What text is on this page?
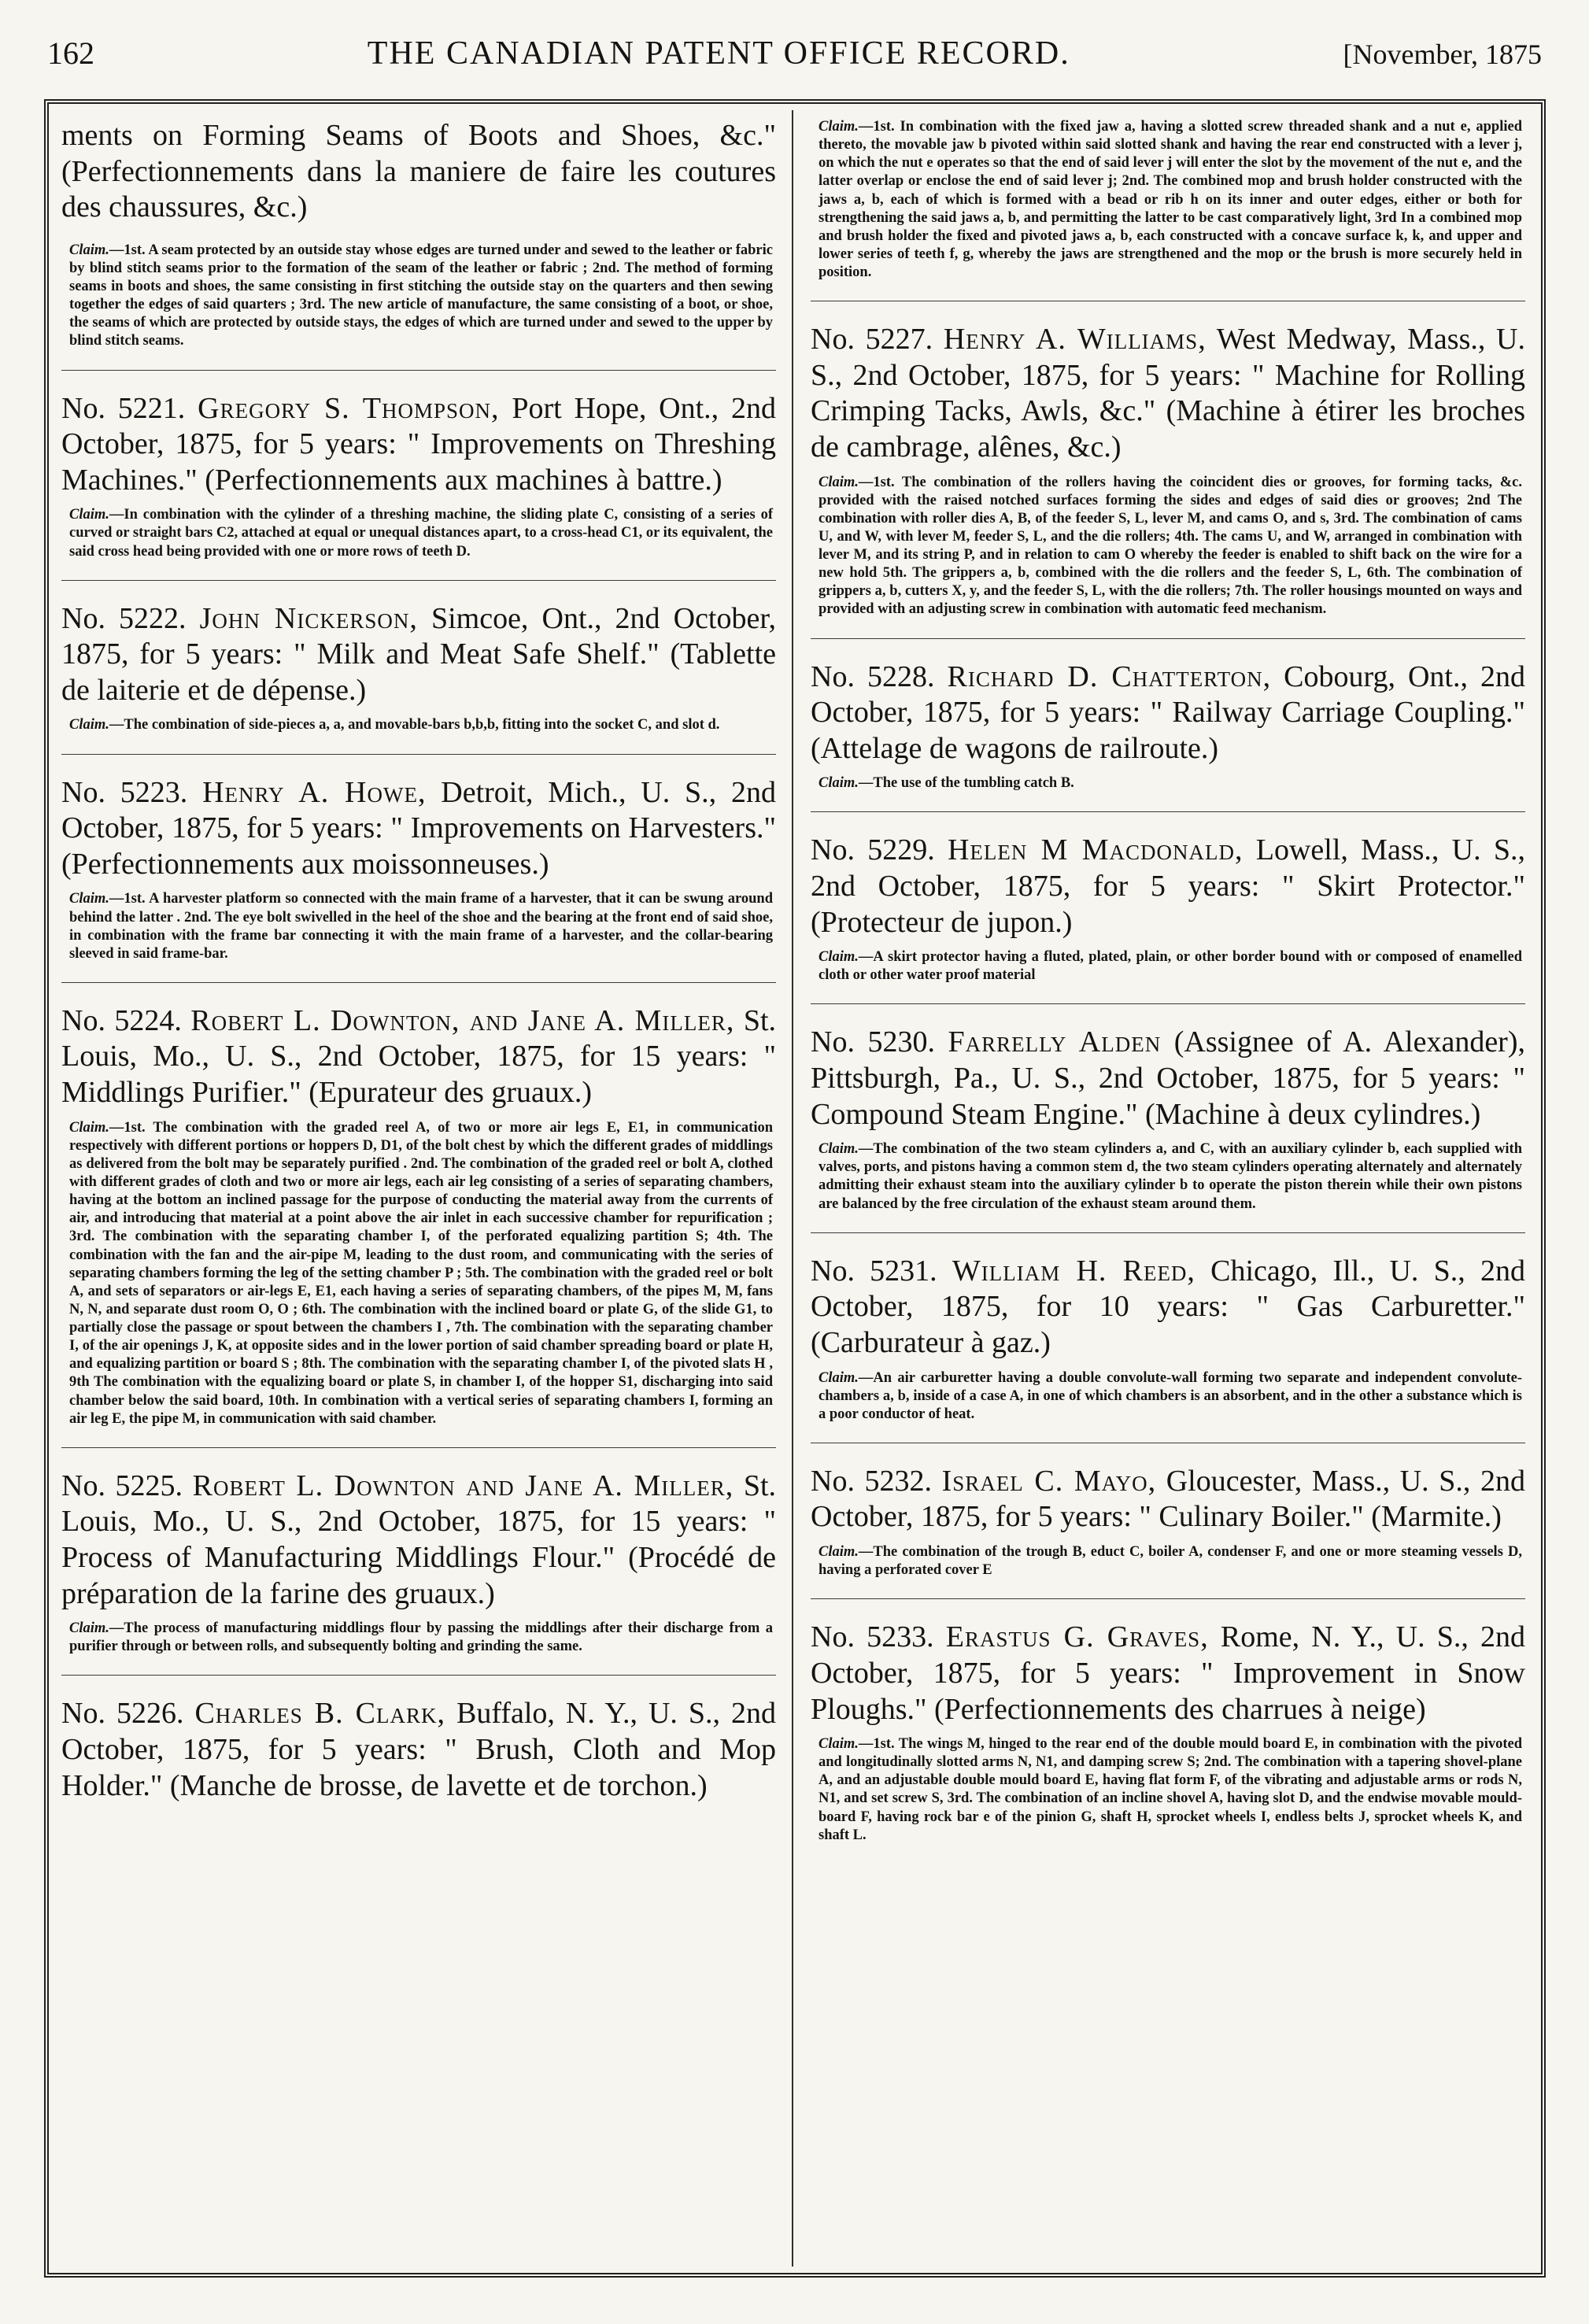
162	THE CANADIAN PATENT OFFICE RECORD.	[November, 1875
ments on Forming Seams of Boots and Shoes, &c." (Perfectionnements dans la maniere de faire les coutures des chaussures, &c.)
Claim.—1st. A seam protected by an outside stay whose edges are turned under and sewed to the leather or fabric by blind stitch seams prior to the formation of the seam of the leather or fabric ; 2nd. The method of forming seams in boots and shoes, the same consisting in first stitching the outside stay on the quarters and then sewing together the edges of said quarters ; 3rd. The new article of manufacture, the same consisting of a boot, or shoe, the seams of which are protected by outside stays, the edges of which are turned under and sewed to the upper by blind stitch seams.
No. 5221. Gregory S. Thompson, Port Hope, Ont., 2nd October, 1875, for 5 years: " Improvements on Threshing Machines." (Perfectionnements aux machines à battre.)
Claim.—In combination with the cylinder of a threshing machine, the sliding plate C, consisting of a series of curved or straight bars C2, attached at equal or unequal distances apart, to a cross-head C1, or its equivalent, the said cross head being provided with one or more rows of teeth D.
No. 5222. John Nickerson, Simcoe, Ont., 2nd October, 1875, for 5 years: " Milk and Meat Safe Shelf." (Tablette de laiterie et de dépense.)
Claim.—The combination of side-pieces a, a, and movable-bars b,b,b, fitting into the socket C, and slot d.
No. 5223. Henry A. Howe, Detroit, Mich., U. S., 2nd October, 1875, for 5 years: " Improvements on Harvesters." (Perfectionnements aux moissonneuses.)
Claim.—1st. A harvester platform so connected with the main frame of a harvester, that it can be swung around behind the latter . 2nd. The eye bolt swivelled in the heel of the shoe and the bearing at the front end of said shoe, in combination with the frame bar connecting it with the main frame of a harvester, and the collar-bearing sleeved in said frame-bar.
No. 5224. Robert L. Downton, and Jane A. Miller, St. Louis, Mo., U. S., 2nd October, 1875, for 15 years: " Middlings Purifier." (Epurateur des gruaux.)
Claim.—1st. The combination with the graded reel A, of two or more air legs E, E1, in communication respectively with different portions or hoppers D, D1, of the bolt chest by which the different grades of middlings as delivered from the bolt may be separately purified . 2nd. The combination of the graded reel or bolt A, clothed with different grades of cloth and two or more air legs, each air leg consisting of a series of separating chambers, having at the bottom an inclined passage for the purpose of conducting the material away from the currents of air, and introducing that material at a point above the air inlet in each successive chamber for repurification ; 3rd. The combination with the separating chamber I, of the perforated equalizing partition S; 4th. The combination with the fan and the air-pipe M, leading to the dust room, and communicating with the series of separating chambers forming the leg of the setting chamber P ; 5th. The combination with the graded reel or bolt A, and sets of separators or air-legs E, E1, each having a series of separating chambers, of the pipes M, M, fans N, N, and separate dust room O, O ; 6th. The combination with the inclined board or plate G, of the slide G1, to partially close the passage or spout between the chambers I , 7th. The combination with the separating chamber I, of the air openings J, K, at opposite sides and in the lower portion of said chamber spreading board or plate H, and equalizing partition or board S ; 8th. The combination with the separating chamber I, of the pivoted slats H , 9th The combination with the equalizing board or plate S, in chamber I, of the hopper S1, discharging into said chamber below the said board, 10th. In combination with a vertical series of separating chambers I, forming an air leg E, the pipe M, in communication with said chamber.
No. 5225. Robert L. Downton and Jane A. Miller, St. Louis, Mo., U. S., 2nd October, 1875, for 15 years: " Process of Manufacturing Middlings Flour." (Procédé de préparation de la farine des gruaux.)
Claim.—The process of manufacturing middlings flour by passing the middlings after their discharge from a purifier through or between rolls, and subsequently bolting and grinding the same.
No. 5226. Charles B. Clark, Buffalo, N. Y., U. S., 2nd October, 1875, for 5 years: " Brush, Cloth and Mop Holder." (Manche de brosse, de lavette et de torchon.)
Claim.—1st. In combination with the fixed jaw a, having a slotted screw threaded shank and a nut e, applied thereto, the movable jaw b pivoted within said slotted shank and having the rear end constructed with a lever j, on which the nut e operates so that the end of said lever j will enter the slot by the movement of the nut e, and the latter overlap or enclose the end of said lever j; 2nd. The combined mop and brush holder constructed with the jaws a, b, each of which is formed with a bead or rib h on its inner and outer edges, either or both for strengthening the said jaws a, b, and permitting the latter to be cast comparatively light, 3rd In a combined mop and brush holder the fixed and pivoted jaws a, b, each constructed with a concave surface k, k, and upper and lower series of teeth f, g, whereby the jaws are strengthened and the mop or the brush is more securely held in position.
No. 5227. Henry A. Williams, West Medway, Mass., U. S., 2nd October, 1875, for 5 years: " Machine for Rolling Crimping Tacks, Awls, &c." (Machine à étirer les broches de cambrage, alênes, &c.)
Claim.—1st. The combination of the rollers having the coincident dies or grooves, for forming tacks, &c. provided with the raised notched surfaces forming the sides and edges of said dies or grooves; 2nd The combination with roller dies A, B, of the feeder S, L, lever M, and cams O, and s, 3rd. The combination of cams U, and W, with lever M, feeder S, L, and the die rollers; 4th. The cams U, and W, arranged in combination with lever M, and its string P, and in relation to cam O whereby the feeder is enabled to shift back on the wire for a new hold 5th. The grippers a, b, combined with the die rollers and the feeder S, L, 6th. The combination of grippers a, b, cutters X, y, and the feeder S, L, with the die rollers; 7th. The roller housings mounted on ways and provided with an adjusting screw in combination with automatic feed mechanism.
No. 5228. Richard D. Chatterton, Cobourg, Ont., 2nd October, 1875, for 5 years: " Railway Carriage Coupling." (Attelage de wagons de railroute.)
Claim.—The use of the tumbling catch B.
No. 5229. Helen M Macdonald, Lowell, Mass., U. S., 2nd October, 1875, for 5 years: " Skirt Protector." (Protecteur de jupon.)
Claim.—A skirt protector having a fluted, plated, plain, or other border bound with or composed of enamelled cloth or other water proof material
No. 5230. Farrelly Alden (Assignee of A. Alexander), Pittsburgh, Pa., U. S., 2nd October, 1875, for 5 years: " Compound Steam Engine." (Machine à deux cylindres.)
Claim.—The combination of the two steam cylinders a, and C, with an auxiliary cylinder b, each supplied with valves, ports, and pistons having a common stem d, the two steam cylinders operating alternately and alternately admitting their exhaust steam into the auxiliary cylinder b to operate the piston therein while their own pistons are balanced by the free circulation of the exhaust steam around them.
No. 5231. William H. Reed, Chicago, Ill., U. S., 2nd October, 1875, for 10 years: " Gas Carburetter." (Carburateur à gaz.)
Claim.—An air carburetter having a double convolute-wall forming two separate and independent convolute-chambers a, b, inside of a case A, in one of which chambers is an absorbent, and in the other a substance which is a poor conductor of heat.
No. 5232. Israel C. Mayo, Gloucester, Mass., U. S., 2nd October, 1875, for 5 years: " Culinary Boiler." (Marmite.)
Claim.—The combination of the trough B, educt C, boiler A, condenser F, and one or more steaming vessels D, having a perforated cover E
No. 5233. Erastus G. Graves, Rome, N. Y., U. S., 2nd October, 1875, for 5 years: " Improvement in Snow Ploughs." (Perfectionnements des charrues à neige)
Claim.—1st. The wings M, hinged to the rear end of the double mould board E, in combination with the pivoted and longitudinally slotted arms N, N1, and damping screw S; 2nd. The combination with a tapering shovel-plane A, and an adjustable double mould board E, having flat form F, of the vibrating and adjustable arms or rods N, N1, and set screw S, 3rd. The combination of an incline shovel A, having slot D, and the endwise movable mould-board F, having rock bar e of the pinion G, shaft H, sprocket wheels I, endless belts J, sprocket wheels K, and shaft L.
